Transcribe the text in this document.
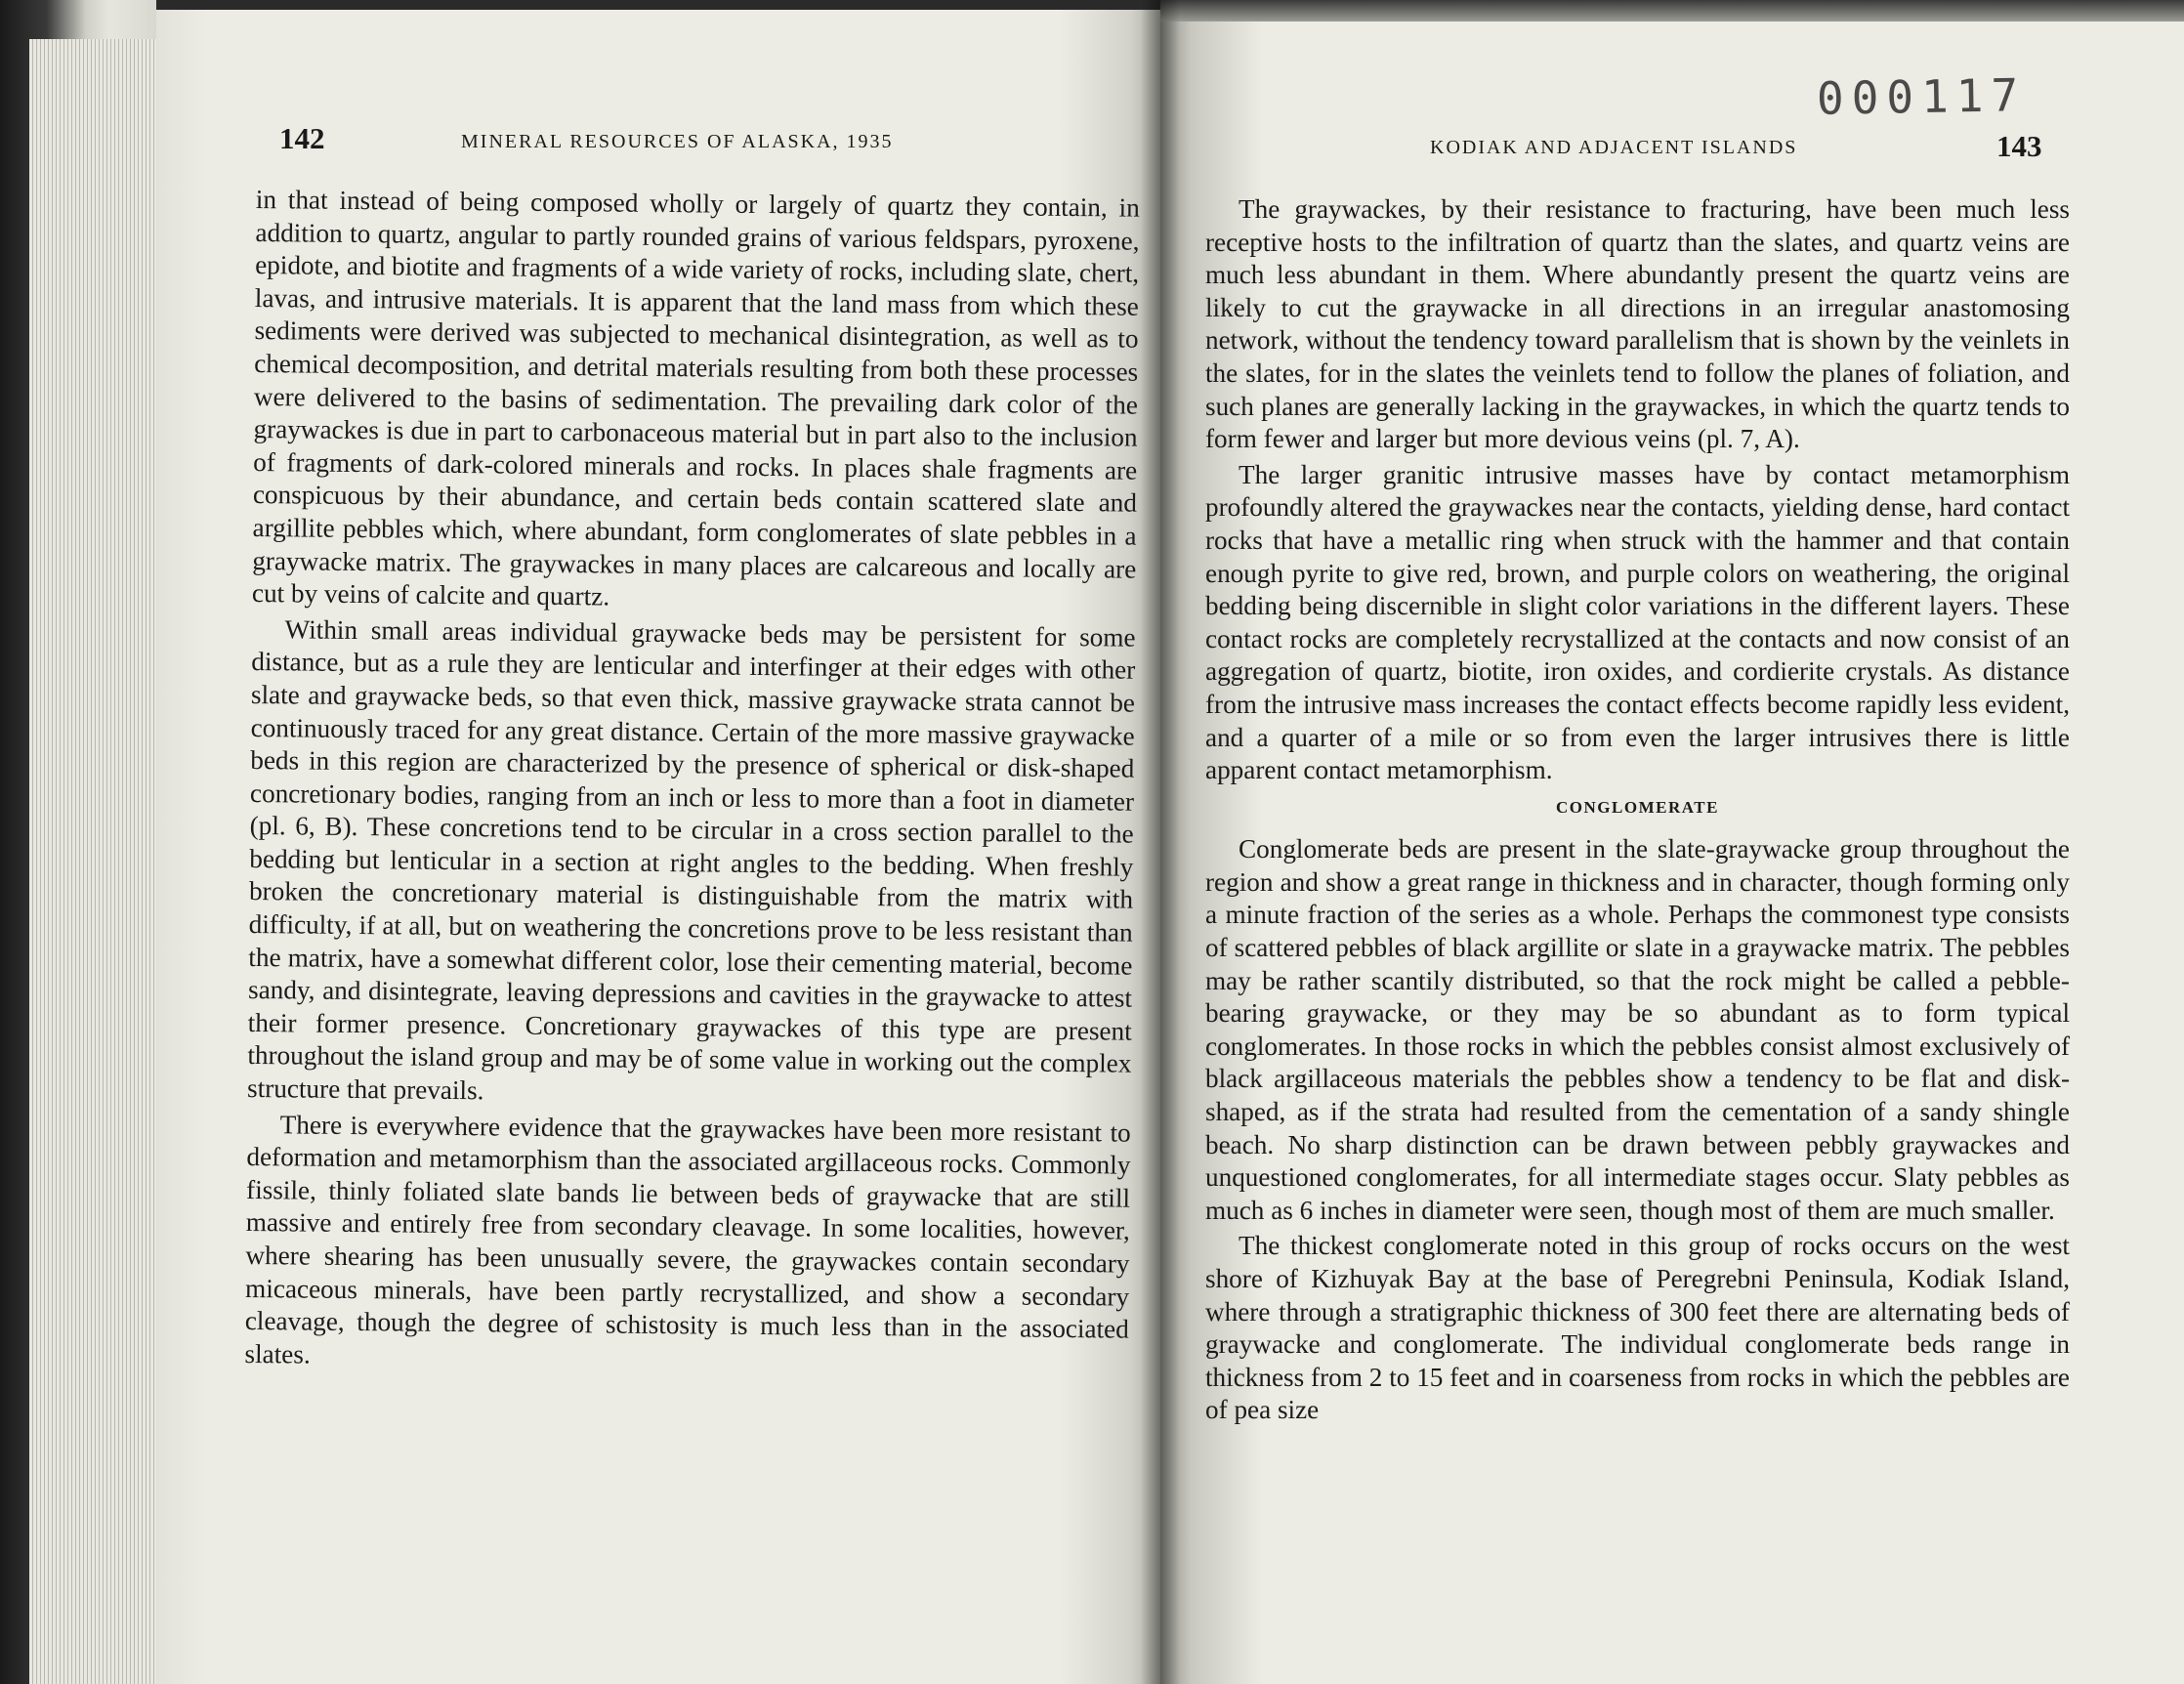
142	MINERAL RESOURCES OF ALASKA, 1935	KODIAK AND ADJACENT ISLANDS	143
000117

in that instead of being composed wholly or largely of quartz they contain, in addition to quartz, angular to partly rounded grains of various feldspars, pyroxene, epidote, and biotite and fragments of a wide variety of rocks, including slate, chert, lavas, and intrusive materials. It is apparent that the land mass from which these sediments were derived was subjected to mechanical disintegration, as well as to chemical decomposition, and detrital materials resulting from both these processes were delivered to the basins of sedimentation. The prevailing dark color of the graywackes is due in part to carbonaceous material but in part also to the inclusion of fragments of dark-colored minerals and rocks. In places shale fragments are conspicuous by their abundance, and certain beds contain scattered slate and argillite pebbles which, where abundant, form conglomerates of slate pebbles in a graywacke matrix. The graywackes in many places are calcareous and locally are cut by veins of calcite and quartz.

Within small areas individual graywacke beds may be persistent for some distance, but as a rule they are lenticular and interfinger at their edges with other slate and graywacke beds, so that even thick, massive graywacke strata cannot be continuously traced for any great distance. Certain of the more massive graywacke beds in this region are characterized by the presence of spherical or disk-shaped concretionary bodies, ranging from an inch or less to more than a foot in diameter (pl. 6, B). These concretions tend to be circular in a cross section parallel to the bedding but lenticular in a section at right angles to the bedding. When freshly broken the concretionary material is distinguishable from the matrix with difficulty, if at all, but on weathering the concretions prove to be less resistant than the matrix, have a somewhat different color, lose their cementing material, become sandy, and disintegrate, leaving depressions and cavities in the graywacke to attest their former presence. Concretionary graywackes of this type are present throughout the island group and may be of some value in working out the complex structure that prevails.

There is everywhere evidence that the graywackes have been more resistant to deformation and metamorphism than the associated argillaceous rocks. Commonly fissile, thinly foliated slate bands lie between beds of graywacke that are still massive and entirely free from secondary cleavage. In some localities, however, where shearing has been unusually severe, the graywackes contain secondary micaceous minerals, have been partly recrystallized, and show a secondary cleavage, though the degree of schistosity is much less than in the associated slates.

The graywackes, by their resistance to fracturing, have been much less receptive hosts to the infiltration of quartz than the slates, and quartz veins are much less abundant in them. Where abundantly present the quartz veins are likely to cut the graywacke in all directions in an irregular anastomosing network, without the tendency toward parallelism that is shown by the veinlets in the slates, for in the slates the veinlets tend to follow the planes of foliation, and such planes are generally lacking in the graywackes, in which the quartz tends to form fewer and larger but more devious veins (pl. 7, A).

The larger granitic intrusive masses have by contact metamorphism profoundly altered the graywackes near the contacts, yielding dense, hard contact rocks that have a metallic ring when struck with the hammer and that contain enough pyrite to give red, brown, and purple colors on weathering, the original bedding being discernible in slight color variations in the different layers. These contact rocks are completely recrystallized at the contacts and now consist of an aggregation of quartz, biotite, iron oxides, and cordierite crystals. As distance from the intrusive mass increases the contact effects become rapidly less evident, and a quarter of a mile or so from even the larger intrusives there is little apparent contact metamorphism.

CONGLOMERATE

Conglomerate beds are present in the slate-graywacke group throughout the region and show a great range in thickness and in character, though forming only a minute fraction of the series as a whole. Perhaps the commonest type consists of scattered pebbles of black argillite or slate in a graywacke matrix. The pebbles may be rather scantily distributed, so that the rock might be called a pebble-bearing graywacke, or they may be so abundant as to form typical conglomerates. In those rocks in which the pebbles consist almost exclusively of black argillaceous materials the pebbles show a tendency to be flat and disk-shaped, as if the strata had resulted from the cementation of a sandy shingle beach. No sharp distinction can be drawn between pebbly graywackes and unquestioned conglomerates, for all intermediate stages occur. Slaty pebbles as much as 6 inches in diameter were seen, though most of them are much smaller.

The thickest conglomerate noted in this group of rocks occurs on the west shore of Kizhuyak Bay at the base of Peregrebni Peninsula, Kodiak Island, where through a stratigraphic thickness of 300 feet there are alternating beds of graywacke and conglomerate. The individual conglomerate beds range in thickness from 2 to 15 feet and in coarseness from rocks in which the pebbles are of pea size
